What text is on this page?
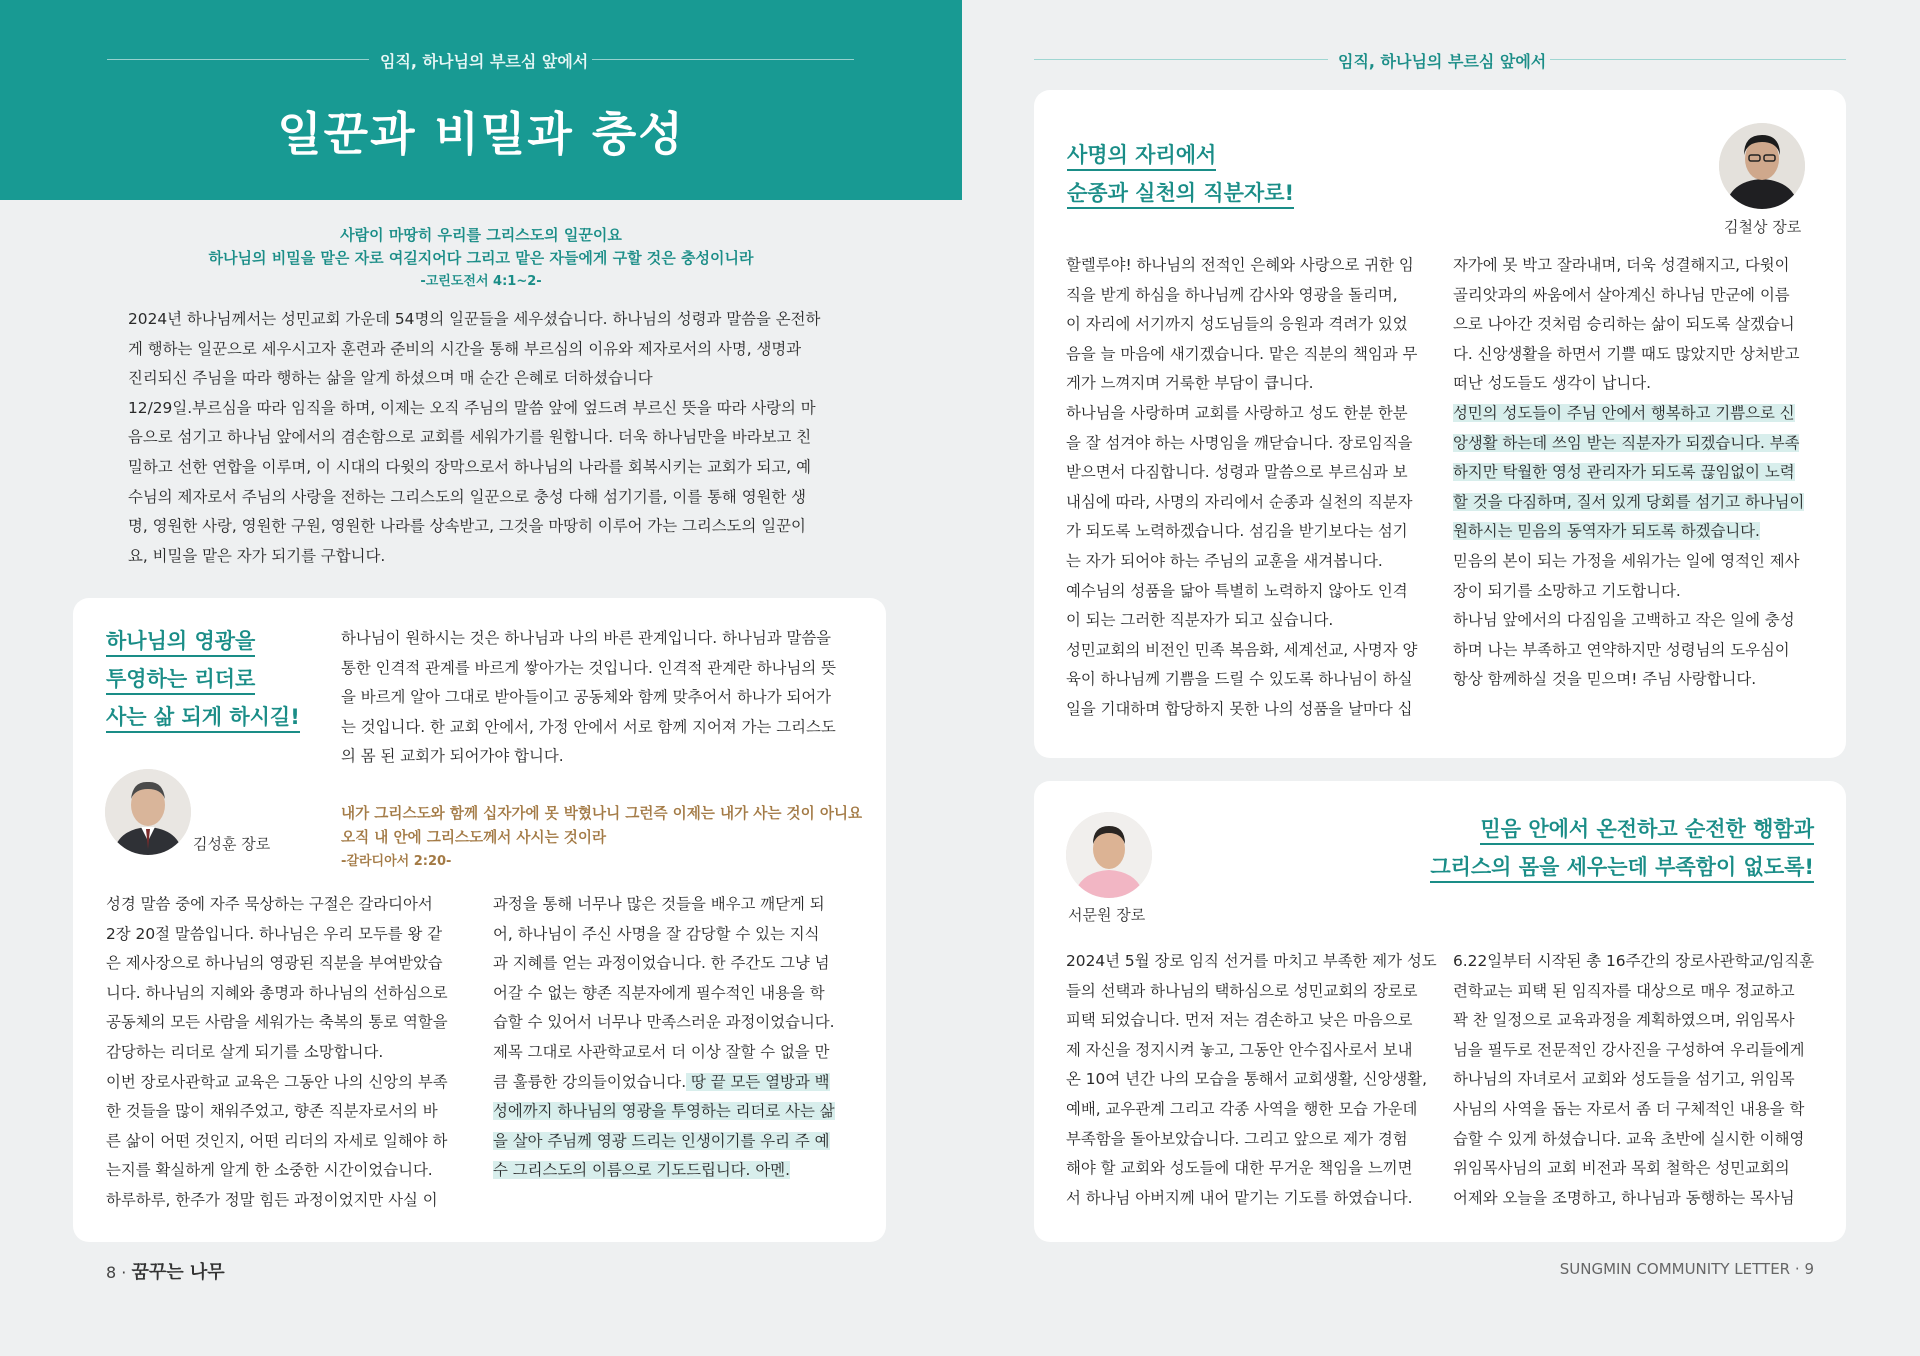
임직, 하나님의 부르심 앞에서
일꾼과 비밀과 충성
사람이 마땅히 우리를 그리스도의 일꾼이요
하나님의 비밀을 맡은 자로 여길지어다 그리고 맡은 자들에게 구할 것은 충성이니라
-고린도전서 4:1~2-
2024년 하나님께서는 성민교회 가운데 54명의 일꾼들을 세우셨습니다. 하나님의 성령과 말씀을 온전하
게 행하는 일꾼으로 세우시고자 훈련과 준비의 시간을 통해 부르심의 이유와 제자로서의 사명, 생명과
진리되신 주님을 따라 행하는 삶을 알게 하셨으며 매 순간 은혜로 더하셨습니다
12/29일.부르심을 따라 임직을 하며, 이제는 오직 주님의 말씀 앞에 엎드려 부르신 뜻을 따라 사랑의 마
음으로 섬기고 하나님 앞에서의 겸손함으로 교회를 세워가기를 원합니다. 더욱 하나님만을 바라보고 친
밀하고 선한 연합을 이루며, 이 시대의 다윗의 장막으로서 하나님의 나라를 회복시키는 교회가 되고, 예
수님의 제자로서 주님의 사랑을 전하는 그리스도의 일꾼으로 충성 다해 섬기기를, 이를 통해 영원한 생
명, 영원한 사랑, 영원한 구원, 영원한 나라를 상속받고, 그것을 마땅히 이루어 가는 그리스도의 일꾼이
요, 비밀을 맡은 자가 되기를 구합니다.
하나님의 영광을
투영하는 리더로
사는 삶 되게 하시길!
하나님이 원하시는 것은 하나님과 나의 바른 관계입니다. 하나님과 말씀을
통한 인격적 관계를 바르게 쌓아가는 것입니다. 인격적 관계란 하나님의 뜻
을 바르게 알아 그대로 받아들이고 공동체와 함께 맞추어서 하나가 되어가
는 것입니다. 한 교회 안에서, 가정 안에서 서로 함께 지어져 가는 그리스도
의 몸 된 교회가 되어가야 합니다.
김성훈 장로
내가 그리스도와 함께 십자가에 못 박혔나니 그런즉 이제는 내가 사는 것이 아니요
오직 내 안에 그리스도께서 사시는 것이라
-갈라디아서 2:20-
성경 말씀 중에 자주 묵상하는 구절은 갈라디아서
2장 20절 말씀입니다. 하나님은 우리 모두를 왕 같
은 제사장으로 하나님의 영광된 직분을 부여받았습
니다. 하나님의 지혜와 총명과 하나님의 선하심으로
공동체의 모든 사람을 세워가는 축복의 통로 역할을
감당하는 리더로 살게 되기를 소망합니다.
이번 장로사관학교 교육은 그동안 나의 신앙의 부족
한 것들을 많이 채워주었고, 향존 직분자로서의 바
른 삶이 어떤 것인지, 어떤 리더의 자세로 일해야 하
는지를 확실하게 알게 한 소중한 시간이었습니다.
하루하루, 한주가 정말 힘든 과정이었지만 사실 이
과정을 통해 너무나 많은 것들을 배우고 깨닫게 되
어, 하나님이 주신 사명을 잘 감당할 수 있는 지식
과 지혜를 얻는 과정이었습니다. 한 주간도 그냥 넘
어갈 수 없는 향존 직분자에게 필수적인 내용을 학
습할 수 있어서 너무나 만족스러운 과정이었습니다.
제목 그대로 사관학교로서 더 이상 잘할 수 없을 만
큼 훌륭한 강의들이었습니다. 땅 끝 모든 열방과 백
성에까지 하나님의 영광을 투영하는 리더로 사는 삶
을 살아 주님께 영광 드리는 인생이기를 우리 주 예
수 그리스도의 이름으로 기도드립니다. 아멘.
8 · 꿈꾸는 나무
임직, 하나님의 부르심 앞에서
사명의 자리에서
순종과 실천의 직분자로!
김철상 장로
할렐루야! 하나님의 전적인 은혜와 사랑으로 귀한 임
직을 받게 하심을 하나님께 감사와 영광을 돌리며,
이 자리에 서기까지 성도님들의 응원과 격려가 있었
음을 늘 마음에 새기겠습니다. 맡은 직분의 책임과 무
게가 느껴지며 거룩한 부담이 큽니다.
하나님을 사랑하며 교회를 사랑하고 성도 한분 한분
을 잘 섬겨야 하는 사명임을 깨닫습니다. 장로임직을
받으면서 다짐합니다. 성령과 말씀으로 부르심과 보
내심에 따라, 사명의 자리에서 순종과 실천의 직분자
가 되도록 노력하겠습니다. 섬김을 받기보다는 섬기
는 자가 되어야 하는 주님의 교훈을 새겨봅니다.
예수님의 성품을 닮아 특별히 노력하지 않아도 인격
이 되는 그러한 직분자가 되고 싶습니다.
성민교회의 비전인 민족 복음화, 세계선교, 사명자 양
육이 하나님께 기쁨을 드릴 수 있도록 하나님이 하실
일을 기대하며 합당하지 못한 나의 성품을 날마다 십
자가에 못 박고 잘라내며, 더욱 성결해지고, 다윗이
골리앗과의 싸움에서 살아계신 하나님 만군에 이름
으로 나아간 것처럼 승리하는 삶이 되도록 살겠습니
다. 신앙생활을 하면서 기쁠 때도 많았지만 상처받고
떠난 성도들도 생각이 납니다.
성민의 성도들이 주님 안에서 행복하고 기쁨으로 신
앙생활 하는데 쓰임 받는 직분자가 되겠습니다. 부족
하지만 탁월한 영성 관리자가 되도록 끊임없이 노력
할 것을 다짐하며, 질서 있게 당회를 섬기고 하나님이
원하시는 믿음의 동역자가 되도록 하겠습니다.
믿음의 본이 되는 가정을 세워가는 일에 영적인 제사
장이 되기를 소망하고 기도합니다.
하나님 앞에서의 다짐임을 고백하고 작은 일에 충성
하며 나는 부족하고 연약하지만 성령님의 도우심이
항상 함께하실 것을 믿으며! 주님 사랑합니다.
서문원 장로
믿음 안에서 온전하고 순전한 행함과
그리스의 몸을 세우는데 부족함이 없도록!
2024년 5월 장로 임직 선거를 마치고 부족한 제가 성도
들의 선택과 하나님의 택하심으로 성민교회의 장로로
피택 되었습니다. 먼저 저는 겸손하고 낮은 마음으로
제 자신을 정지시켜 놓고, 그동안 안수집사로서 보내
온 10여 년간 나의 모습을 통해서 교회생활, 신앙생활,
예배, 교우관계 그리고 각종 사역을 행한 모습 가운데
부족함을 돌아보았습니다. 그리고 앞으로 제가 경험
해야 할 교회와 성도들에 대한 무거운 책임을 느끼면
서 하나님 아버지께 내어 맡기는 기도를 하였습니다.
6.22일부터 시작된 총 16주간의 장로사관학교/임직훈
련학교는 피택 된 임직자를 대상으로 매우 정교하고
꽉 찬 일정으로 교육과정을 계획하였으며, 위임목사
님을 필두로 전문적인 강사진을 구성하여 우리들에게
하나님의 자녀로서 교회와 성도들을 섬기고, 위임목
사님의 사역을 돕는 자로서 좀 더 구체적인 내용을 학
습할 수 있게 하셨습니다. 교육 초반에 실시한 이해영
위임목사님의 교회 비전과 목회 철학은 성민교회의
어제와 오늘을 조명하고, 하나님과 동행하는 목사님
SUNGMIN COMMUNITY LETTER · 9
